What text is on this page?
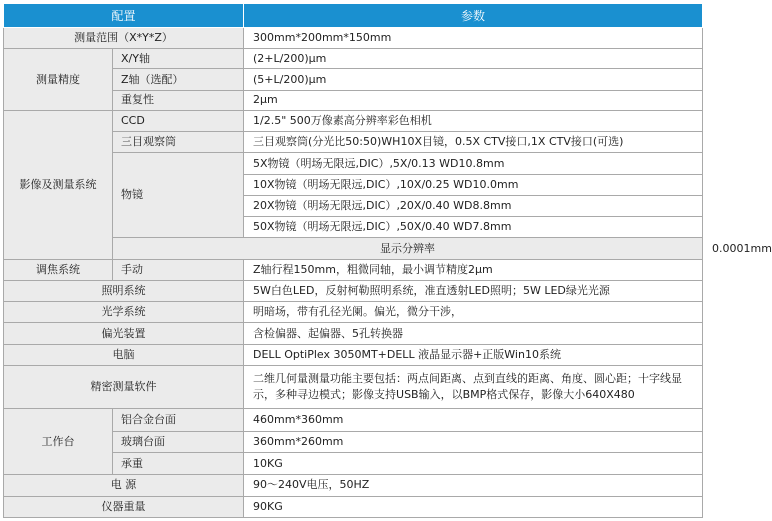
配置		参数	
测量范围（X*Y*Z）		300mm*200mm*150mm	
测量精度	X/Y轴	(2+L/200)μm	
	Z轴（选配）	(5+L/200)μm	
	重复性	2μm	
影像及测量系统	CCD	1/2.5" 500万像素高分辨率彩色相机	
	三目观察筒	三目观察筒(分光比50:50)WH10X目镜，0.5X CTV接口,1X CTV接口(可选)	
	物镜	5X物镜（明场无限远,DIC）,5X/0.13 WD10.8mm	
		10X物镜（明场无限远,DIC）,10X/0.25 WD10.0mm	
		20X物镜（明场无限远,DIC）,20X/0.40 WD8.8mm	
		50X物镜（明场无限远,DIC）,50X/0.40 WD7.8mm	
	显示分辨率		0.0001mm
调焦系统	手动	Z轴行程150mm，粗微同轴，最小调节精度2μm	
照明系统		5W白色LED，反射柯勒照明系统，准直透射LED照明；5W LED绿光光源	
光学系统		明暗场，带有孔径光阑。偏光，微分干涉，	
偏光装置		含检偏器、起偏器、5孔转换器	
电脑		DELL OptiPlex 3050MT+DELL 液晶显示器+正版Win10系统	
精密测量软件		二维几何量测量功能主要包括：两点间距离、点到直线的距离、角度、圆心距；十字线显示，多种寻边模式；影像支持USB输入，以BMP格式保存，影像大小640X480	
工作台	铝合金台面	460mm*360mm	
	玻璃台面	360mm*260mm	
	承重	10KG	
电 源		90～240V电压，50HZ	
仪器重量		90KG	
